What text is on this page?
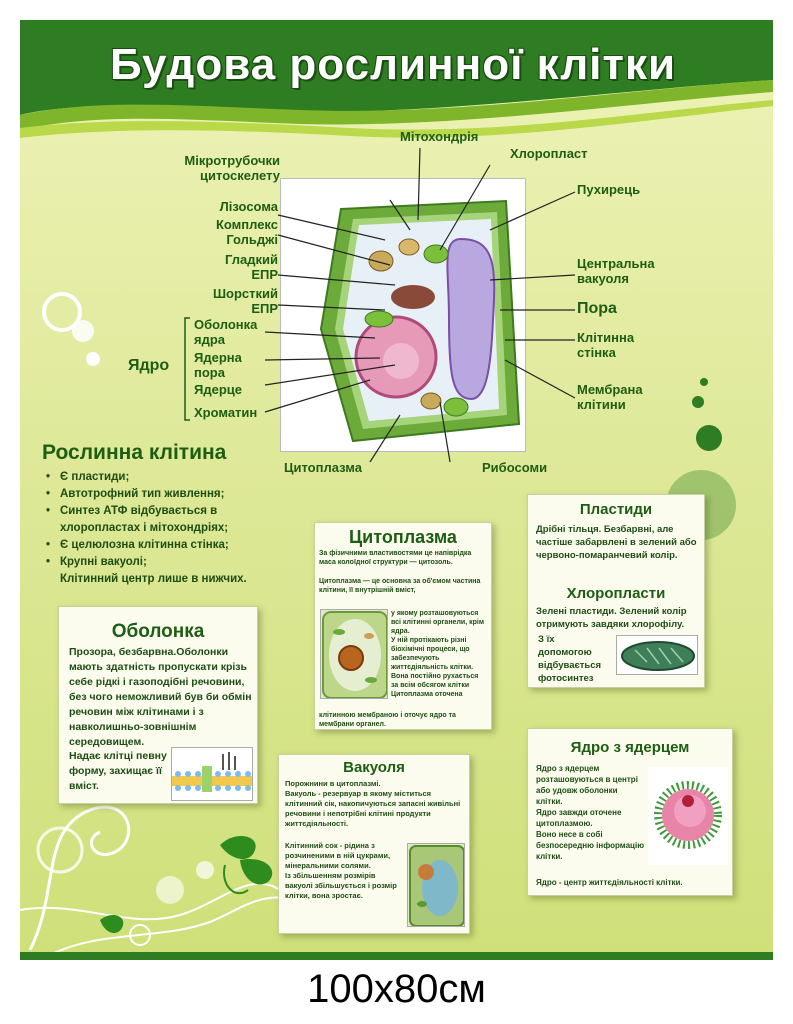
Будова рослинної клітки
Мікротрубочки
цитоскелету
Лізосома
Комплекс
Гольджі
Гладкий
ЕПР
Шорсткий
ЕПР
Ядро
Оболонка
ядра
Ядерна
пора
Ядерце
Хроматин
Цитоплазма
Мітохондрія
Хлоропласт
Пухирець
Центральна
вакуоля
Пора
Клітинна
стінка
Мембрана
клітини
Рибосоми
Рослинна клітина
• Є пластиди;
• Автотрофний тип живлення;
• Синтез АТФ відбувається в хлоропластах і мітохондріях;
• Є целюлозна клітинна стінка;
• Крупні вакуолі;
Клітинний центр лише в нижчих.
Оболонка
Прозора, безбарвна.Оболонки мають здатність пропускати крізь себе рідкі і газоподібні речовини, без чого неможливий був би обмін речовин між клітинами і з навколишньо-зовнішнім середовищем.
Надає клітці певну форму, захищає її вміст.
Цитоплазма
За фізичними властивостями це напіврідка маса колоїдної структури — цитозоль.
Цитоплазма — це основна за об'ємом частина клітини, її внутрішній вміст,
у якому розташовуються всі клітинні органели, крім ядра.
У ній протікають різні біохімічні процеси, що забезпечують життєдіяльність клітки.
Вона постійно рухається за всім обсягом клітки
Цитоплазма оточена
клітинною мембраною і оточує ядро та мембрани органел.
Пластиди
Дрібні тільця. Безбарвні, але частіше забарвлені в зелений або червоно-помаранчевий колір.
Хлоропласти
Зелені пластиди. Зелений колір отримують завдяки хлорофілу.
З їх допомогою відбувається фотосинтез
Вакуоля
Порожнини в цитоплазмі.
Вакуоль - резервуар в якому міститься клітинний сік, накопичуються запасні живільні речовини і непотрібні клітині продукти життєдіяльності.
Клітинний сок - рідина з розчиненими в ній цукрами, мінеральними солями.
Із збільшенням розмірів вакуолі збільшується і розмір клітки, вона зростає.
Ядро з ядерцем
Ядро з ядерцем розташовуються в центрі або удовж оболонки клітки.
Ядро завжди оточене цитоплазмою.
Воно несе в собі безпосередню інформацію клітки.
Ядро - центр життєдіяльності клітки.
100х80см
